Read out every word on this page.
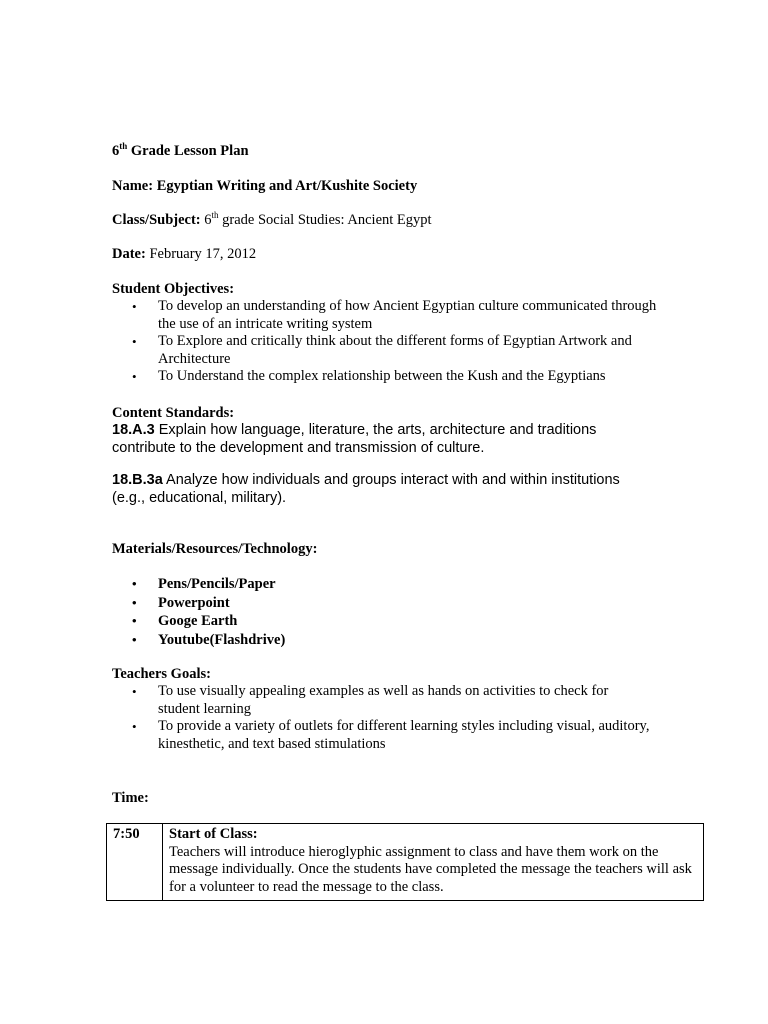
6th Grade Lesson Plan
Name: Egyptian Writing and Art/Kushite Society
Class/Subject: 6th grade Social Studies: Ancient Egypt
Date: February 17, 2012
Student Objectives:
• To develop an understanding of how Ancient Egyptian culture communicated through the use of an intricate writing system
• To Explore and critically think about the different forms of Egyptian Artwork and Architecture
• To Understand the complex relationship between the Kush and the Egyptians
Content Standards:
18.A.3 Explain how language, literature, the arts, architecture and traditions contribute to the development and transmission of culture.
18.B.3a Analyze how individuals and groups interact with and within institutions (e.g., educational, military).
Materials/Resources/Technology:
• Pens/Pencils/Paper
• Powerpoint
• Googe Earth
• Youtube(Flashdrive)
Teachers Goals:
• To use visually appealing examples as well as hands on activities to check for student learning
• To provide a variety of outlets for different learning styles including visual, auditory, kinesthetic, and text based stimulations
Time:
7:50	Start of Class:
Teachers will introduce hieroglyphic assignment to class and have them work on the message individually. Once the students have completed the message the teachers will ask for a volunteer to read the message to the class.
